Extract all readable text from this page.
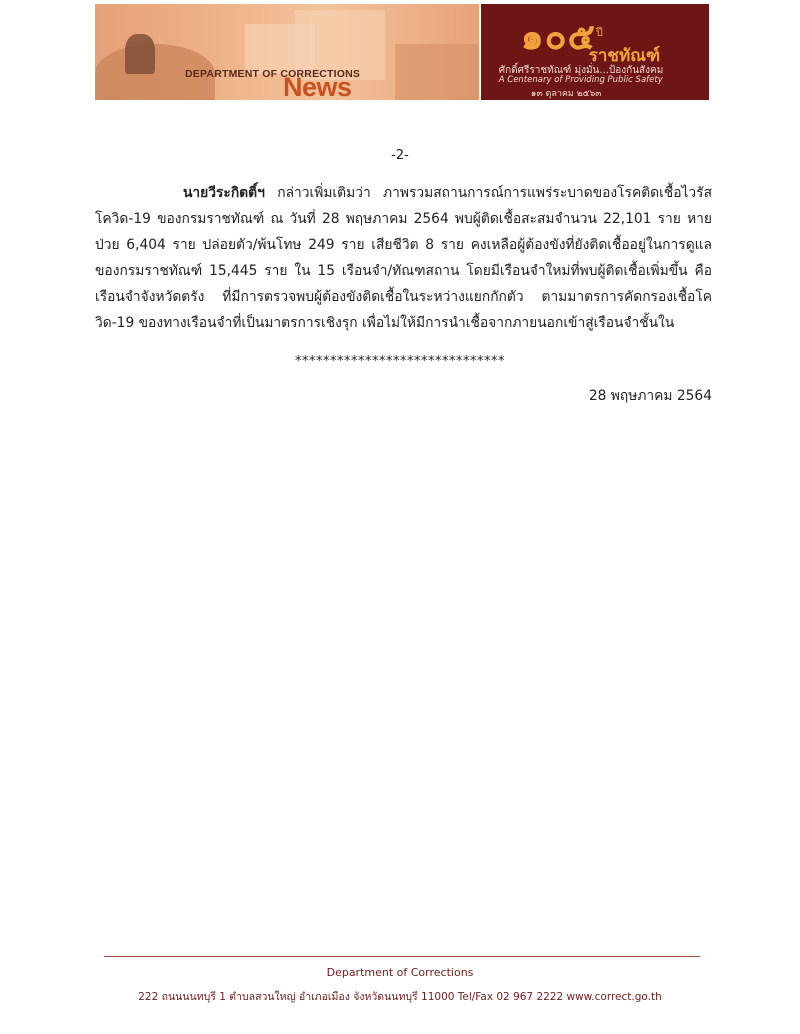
DEPARTMENT OF CORRECTIONS
News
๑๐๕$^{ปี}$
ราชทัณฑ์
ศักดิ์ศรีราชทัณฑ์ มุ่งมั่น...ป้องกันสังคม
A Centenary of Providing Public Safety
๑๓ ตุลาคม ๒๕๖๓
-2-
นายวีระกิตติ์ฯ กล่าวเพิ่มเติมว่า ภาพรวมสถานการณ์การแพร่ระบาดของโรคติดเชื้อไวรัสโควิด-19 ของกรมราชทัณฑ์ ณ วันที่ 28 พฤษภาคม 2564 พบผู้ติดเชื้อสะสมจำนวน 22,101 ราย หายป่วย 6,404 ราย ปล่อยตัว/พ้นโทษ 249 ราย เสียชีวิต 8 ราย คงเหลือผู้ต้องขังที่ยังติดเชื้ออยู่ในการดูแลของกรมราชทัณฑ์ 15,445 ราย ใน 15 เรือนจำ/ทัณฑสถาน โดยมีเรือนจำใหม่ที่พบผู้ติดเชื้อเพิ่มขึ้น คือ เรือนจำจังหวัดตรัง ที่มีการตรวจพบผู้ต้องขังติดเชื้อในระหว่างแยกกักตัว ตามมาตรการคัดกรองเชื้อโควิด-19 ของทางเรือนจำที่เป็นมาตรการเชิงรุก เพื่อไม่ให้มีการนำเชื้อจากภายนอกเข้าสู่เรือนจำชั้นใน
******************************
28 พฤษภาคม 2564
Department of Corrections
222 ถนนนนทบุรี 1 ตำบลสวนใหญ่ อำเภอเมือง จังหวัดนนทบุรี 11000 Tel/Fax 02 967 2222 www.correct.go.th
